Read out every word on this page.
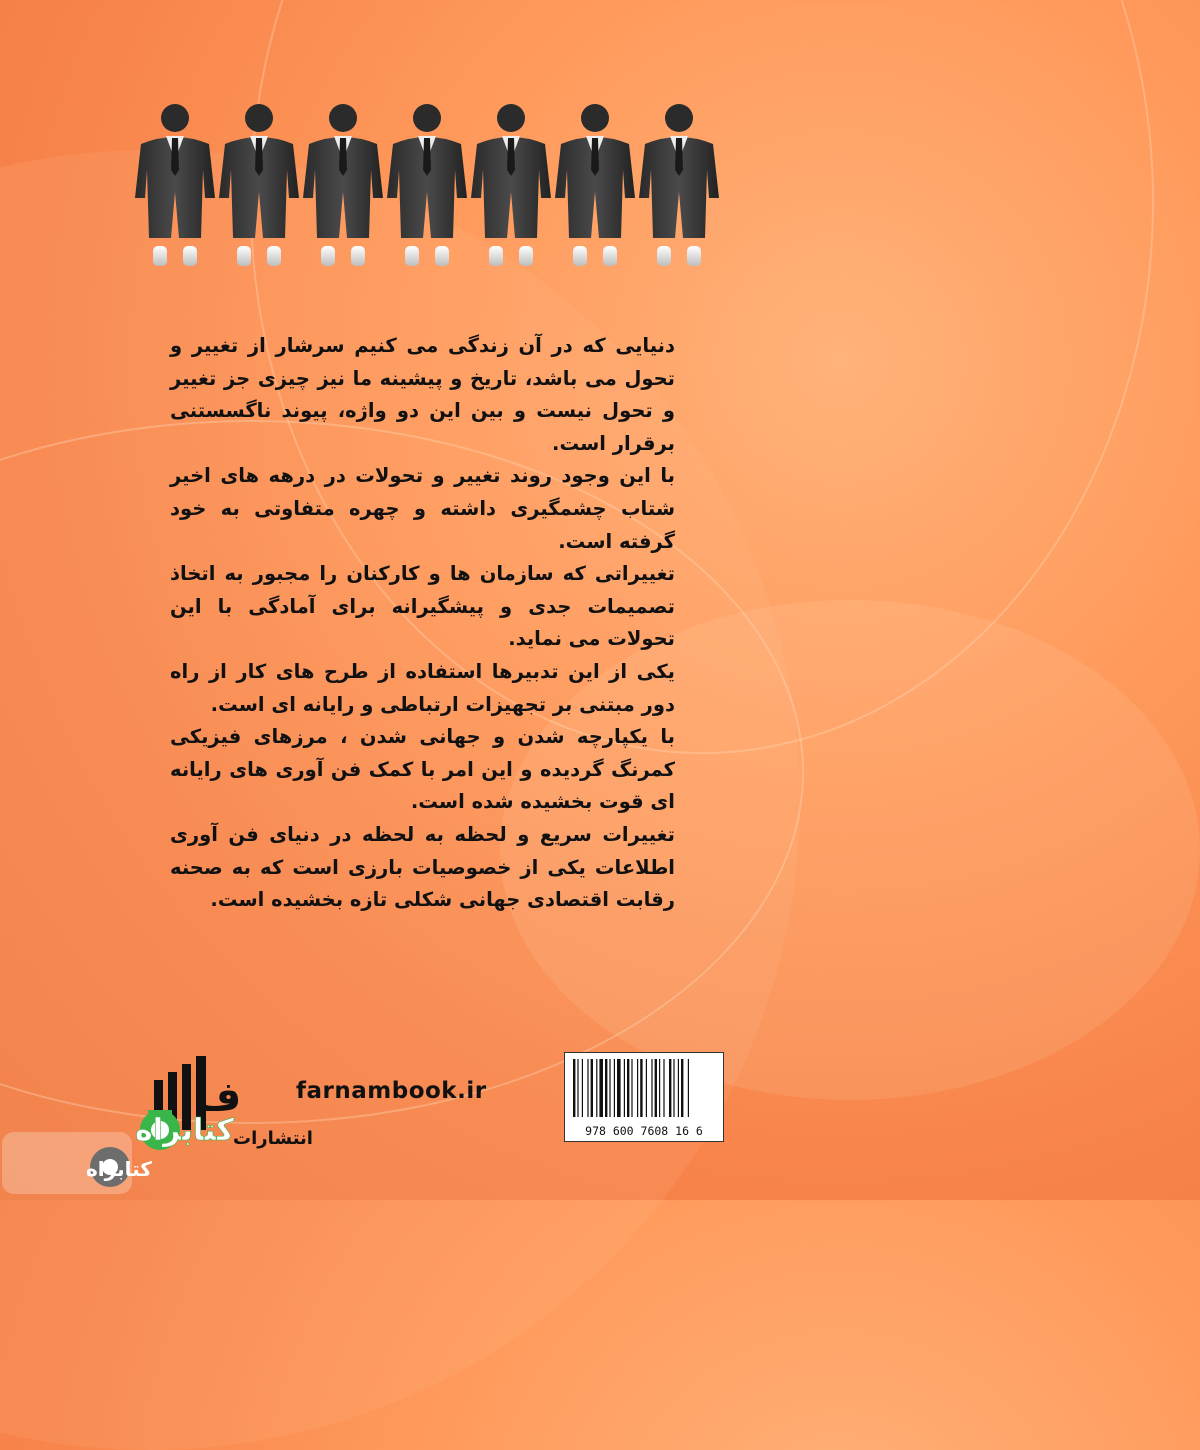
دنیایی که در آن زندگی می کنیم سرشار از تغییر و تحول می باشد، تاریخ و پیشینه ما نیز چیزی جز تغییر و تحول نیست و بین این دو واژه، پیوند ناگسستنی برقرار است.

با این وجود روند تغییر و تحولات در درهه های اخیر شتاب چشمگیری داشته و چهره متفاوتی به خود گرفته است.

تغییراتی که سازمان ها و کارکنان را مجبور به اتخاذ تصمیمات جدی و پیشگیرانه برای آمادگی با این تحولات می نماید.

یکی از این تدبیرها استفاده از طرح های کار از راه دور مبتنی بر تجهیزات ارتباطی و رایانه ای است.

با یکپارچه شدن و جهانی شدن ، مرزهای فیزیکی کمرنگ گردیده و این امر با کمک فن آوری های رایانه ای قوت بخشیده شده است.

تغییرات سریع و لحظه به لحظه در دنیای فن آوری اطلاعات یکی از خصوصیات بارزی است که به صحنه رقابت اقتصادی جهانی شکلی تازه بخشیده است.

ف
انتشارات
farnambook.ir
978 600 7608 16 6
کتابراه
کتابراه
